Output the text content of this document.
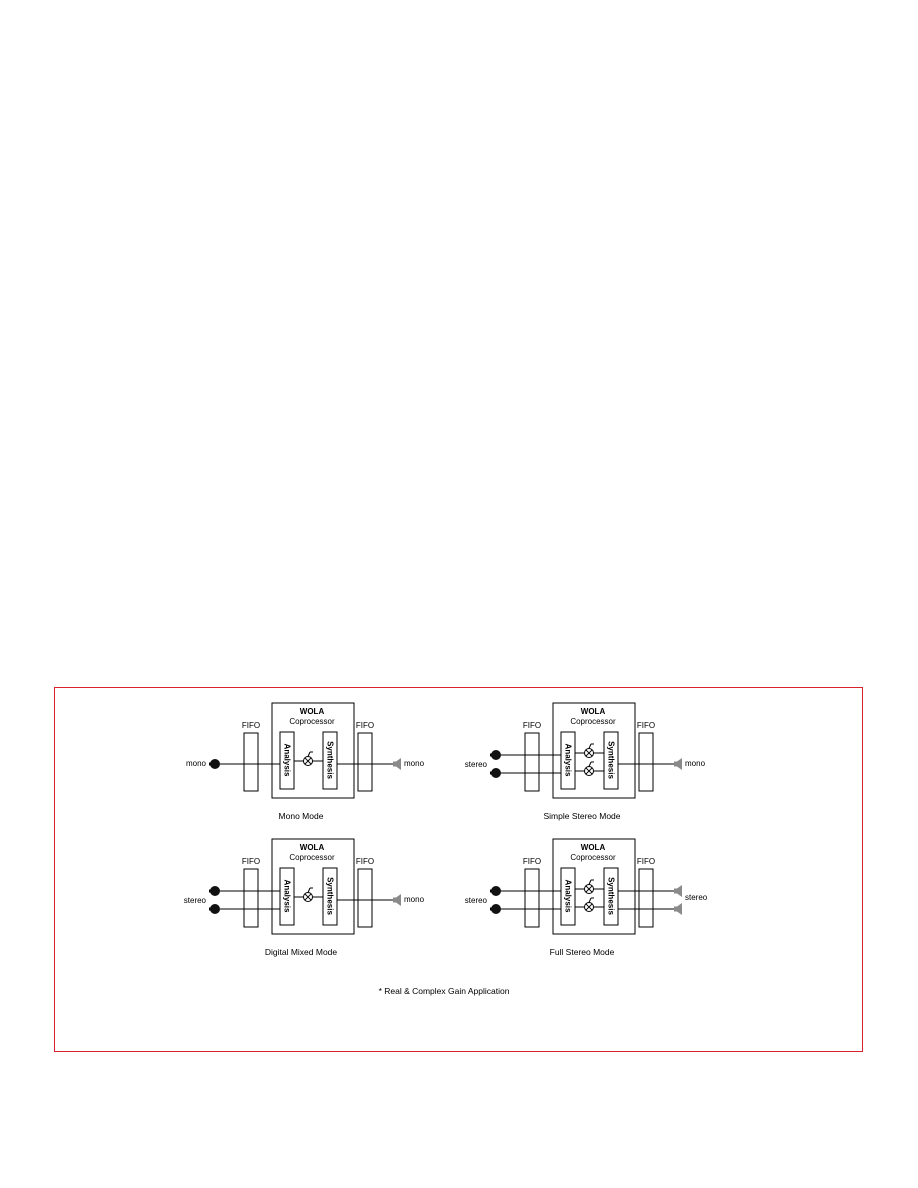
WOLA
Coprocessor
Analysis	Synthesis
FIFO	FIFO
mono	mono
Mono Mode
WOLA
Coprocessor
Analysis	Synthesis
FIFO	FIFO
stereo	mono
Simple Stereo Mode
WOLA
Coprocessor
Analysis	Synthesis
FIFO	FIFO
stereo	mono
Digital Mixed Mode
WOLA
Coprocessor
Analysis	Synthesis
FIFO	FIFO
stereo	stereo
Full Stereo Mode
* Real & Complex Gain Application
